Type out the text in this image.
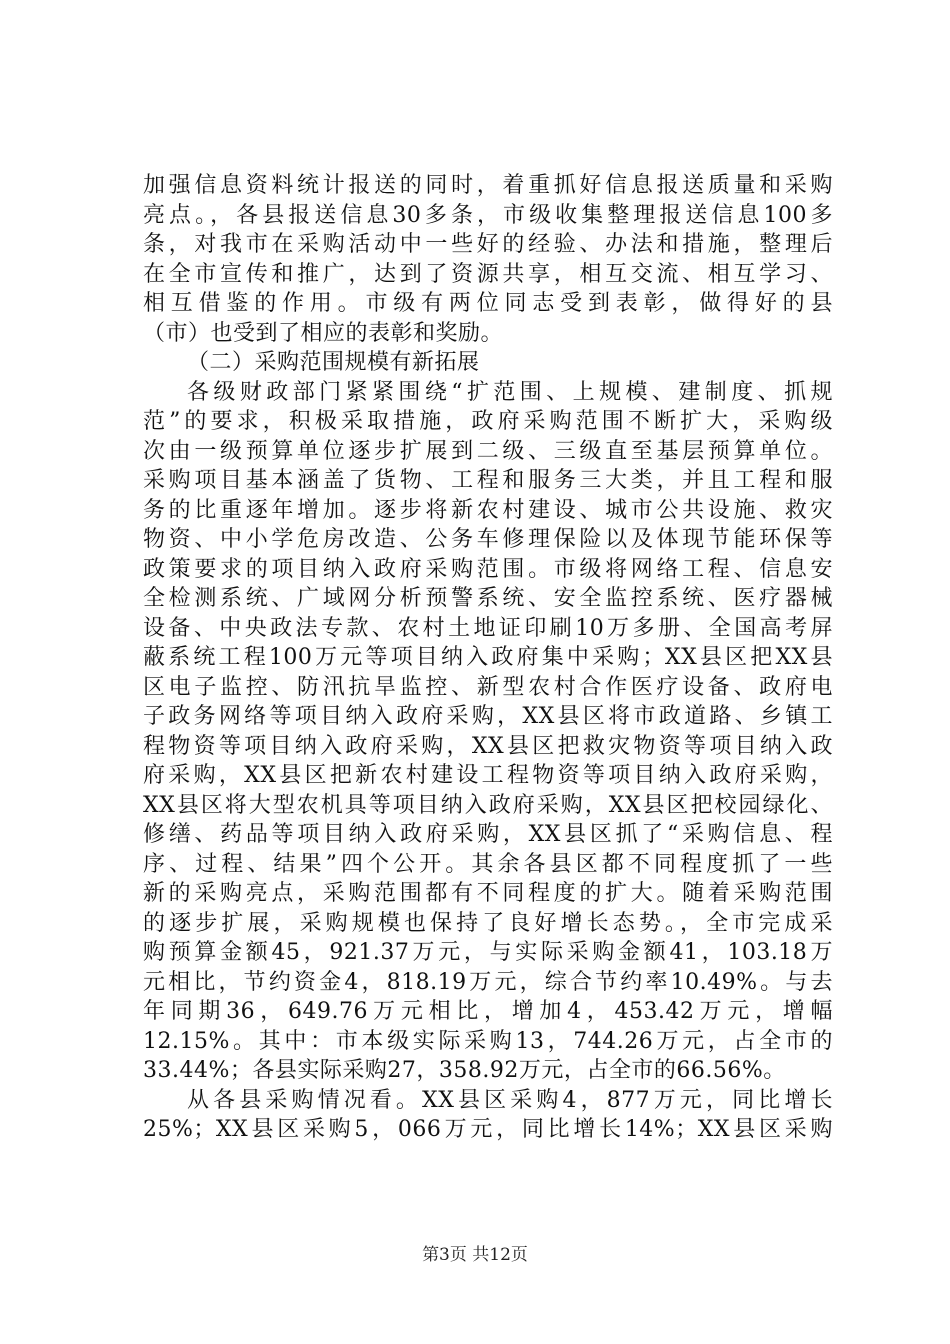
加强信息资料统计报送的同时，着重抓好信息报送质量和采购
亮点。，各县报送信息30多条，市级收集整理报送信息100多
条，对我市在采购活动中一些好的经验、办法和措施，整理后
在全市宣传和推广，达到了资源共享，相互交流、相互学习、
相互借鉴的作用。市级有两位同志受到表彰，做得好的县
（市）也受到了相应的表彰和奖励。
（二）采购范围规模有新拓展
各级财政部门紧紧围绕“扩范围、上规模、建制度、抓规
范”的要求，积极采取措施，政府采购范围不断扩大，采购级
次由一级预算单位逐步扩展到二级、三级直至基层预算单位。
采购项目基本涵盖了货物、工程和服务三大类，并且工程和服
务的比重逐年增加。逐步将新农村建设、城市公共设施、救灾
物资、中小学危房改造、公务车修理保险以及体现节能环保等
政策要求的项目纳入政府采购范围。市级将网络工程、信息安
全检测系统、广域网分析预警系统、安全监控系统、医疗器械
设备、中央政法专款、农村土地证印刷10万多册、全国高考屏
蔽系统工程100万元等项目纳入政府集中采购；XX县区把XX县
区电子监控、防汛抗旱监控、新型农村合作医疗设备、政府电
子政务网络等项目纳入政府采购，XX县区将市政道路、乡镇工
程物资等项目纳入政府采购，XX县区把救灾物资等项目纳入政
府采购，XX县区把新农村建设工程物资等项目纳入政府采购，
XX县区将大型农机具等项目纳入政府采购，XX县区把校园绿化、
修缮、药品等项目纳入政府采购，XX县区抓了“采购信息、程
序、过程、结果”四个公开。其余各县区都不同程度抓了一些
新的采购亮点，采购范围都有不同程度的扩大。随着采购范围
的逐步扩展，采购规模也保持了良好增长态势。，全市完成采
购预算金额45，921.37万元，与实际采购金额41，103.18万
元相比，节约资金4，818.19万元，综合节约率10.49%。与去
年同期36，649.76万元相比，增加4，453.42万元，增幅
12.15%。其中：市本级实际采购13，744.26万元，占全市的
33.44%；各县实际采购27，358.92万元，占全市的66.56%。
从各县采购情况看。XX县区采购4，877万元，同比增长
25%；XX县区采购5，066万元，同比增长14%；XX县区采购
第3页 共12页
